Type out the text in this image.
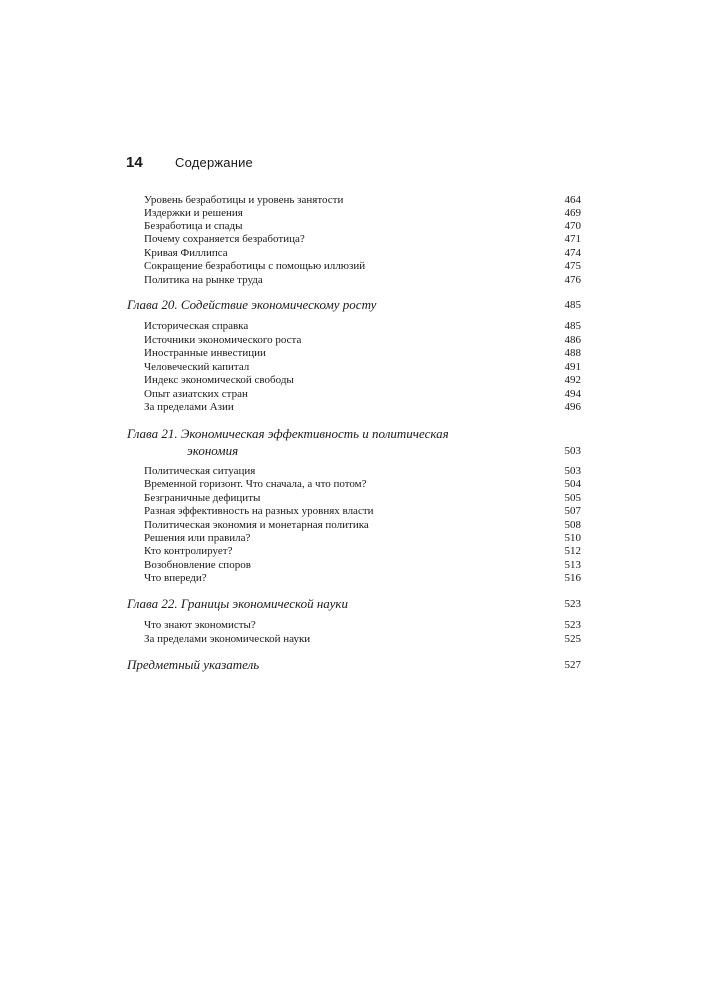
14	Содержание
Уровень безработицы и уровень занятости	464
Издержки и решения	469
Безработица и спады	470
Почему сохраняется безработица?	471
Кривая Филлипса	474
Сокращение безработицы с помощью иллюзий	475
Политика на рынке труда	476
Глава 20. Содействие экономическому росту	485
Историческая справка	485
Источники экономического роста	486
Иностранные инвестиции	488
Человеческий капитал	491
Индекс экономической свободы	492
Опыт азиатских стран	494
За пределами Азии	496
Глава 21. Экономическая эффективность и политическая
экономия	503
Политическая ситуация	503
Временной горизонт. Что сначала, а что потом?	504
Безграничные дефициты	505
Разная эффективность на разных уровнях власти	507
Политическая экономия и монетарная политика	508
Решения или правила?	510
Кто контролирует?	512
Возобновление споров	513
Что впереди?	516
Глава 22. Границы экономической науки	523
Что знают экономисты?	523
За пределами экономической науки	525
Предметный указатель	527
